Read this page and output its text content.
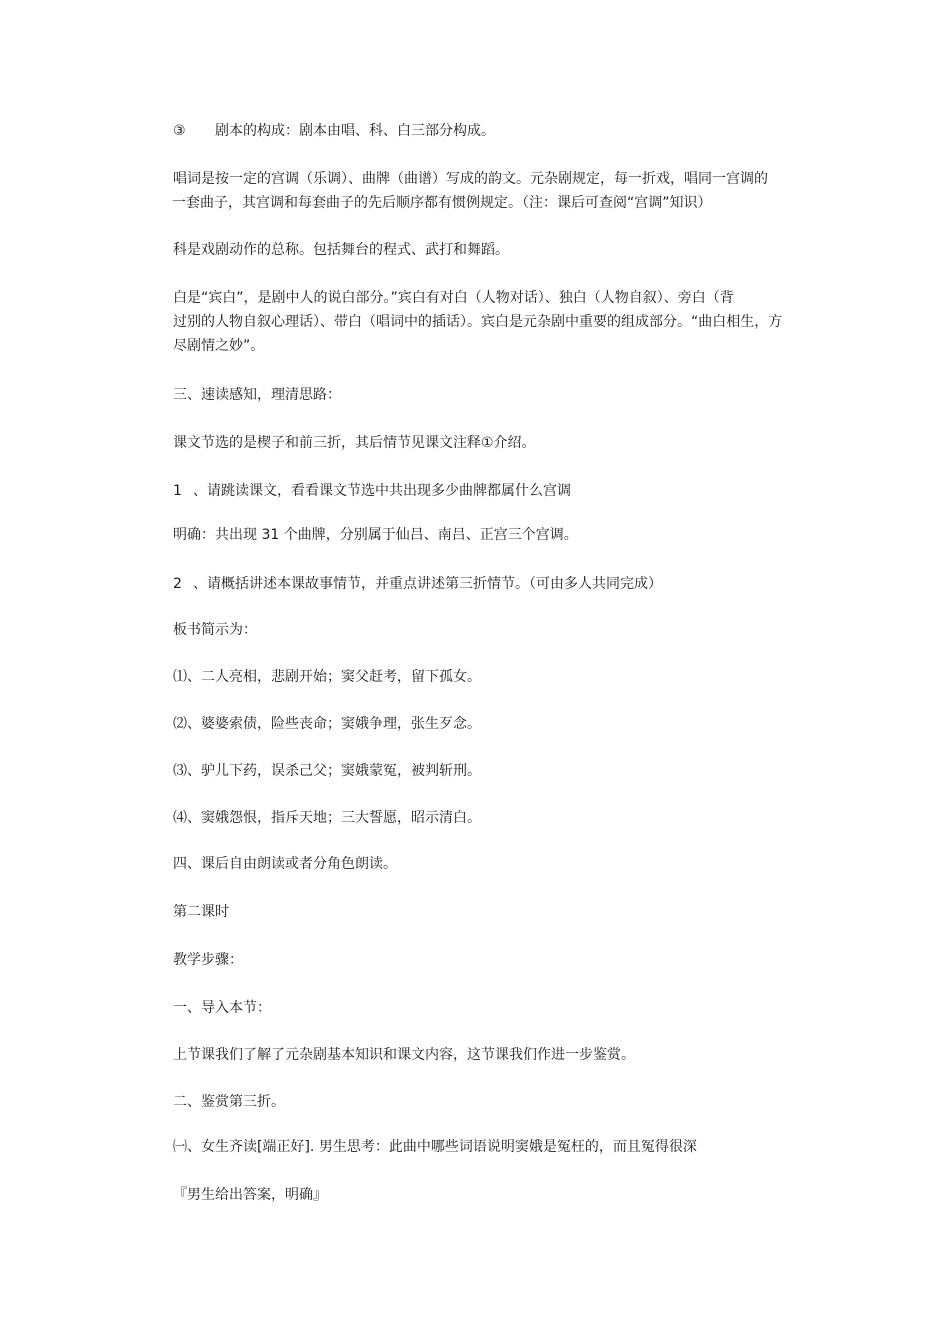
③ 剧本的构成：剧本由唱、科、白三部分构成。

唱词是按一定的宫调（乐调）、曲牌（曲谱）写成的韵文。元杂剧规定，每一折戏，唱同一宫调的
一套曲子，其宫调和每套曲子的先后顺序都有惯例规定。（注：课后可查阅“宫调”知识）

科是戏剧动作的总称。包括舞台的程式、武打和舞蹈。

白是“宾白”，是剧中人的说白部分。”宾白有对白（人物对话）、独白（人物自叙）、旁白（背
过别的人物自叙心理话）、带白（唱词中的插话）。宾白是元杂剧中重要的组成部分。“曲白相生，方
尽剧情之妙”。

三、速读感知，理清思路：

课文节选的是楔子和前三折，其后情节见课文注释①介绍。

1 、请跳读课文，看看课文节选中共出现多少曲牌都属什么宫调

明确：共出现 31 个曲牌，分别属于仙吕、南吕、正宫三个宫调。

2 、请概括讲述本课故事情节，并重点讲述第三折情节。（可由多人共同完成）

板书简示为：

⑴、二人亮相，悲剧开始；窦父赶考，留下孤女。

⑵、婆婆索债，险些丧命；窦娥争理，张生歹念。

⑶、驴儿下药，误杀己父；窦娥蒙冤，被判斩刑。

⑷、窦娥怨恨，指斥天地；三大誓愿，昭示清白。

四、课后自由朗读或者分角色朗读。

第二课时

教学步骤：

一、导入本节：

上节课我们了解了元杂剧基本知识和课文内容，这节课我们作进一步鉴赏。

二、鉴赏第三折。

㈠、女生齐读[端正好]. 男生思考：此曲中哪些词语说明窦娥是冤枉的，而且冤得很深

『男生给出答案，明确』
